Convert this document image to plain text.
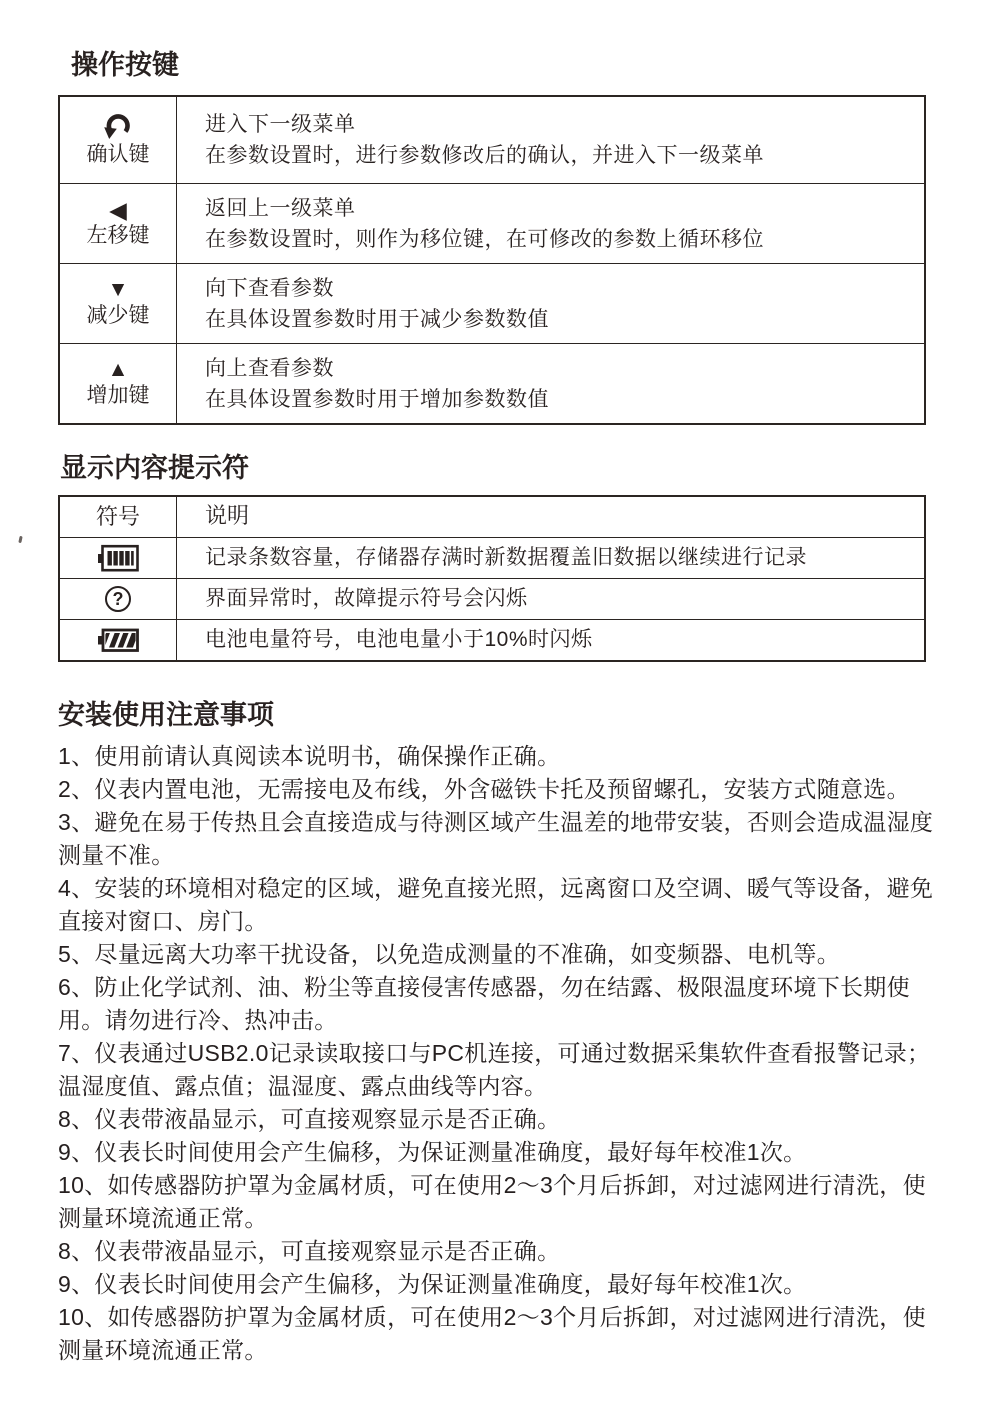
操作按键
确认键
进入下一级菜单
在参数设置时，进行参数修改后的确认，并进入下一级菜单
◀
左移键
返回上一级菜单
在参数设置时，则作为移位键，在可修改的参数上循环移位
▼
减少键
向下查看参数
在具体设置参数时用于减少参数数值
▲
增加键
向上查看参数
在具体设置参数时用于增加参数数值
显示内容提示符
符号	说明
记录条数容量，存储器存满时新数据覆盖旧数据以继续进行记录
?	界面异常时，故障提示符号会闪烁
电池电量符号，电池电量小于10%时闪烁
安装使用注意事项
1、使用前请认真阅读本说明书，确保操作正确。
2、仪表内置电池，无需接电及布线，外含磁铁卡托及预留螺孔，安装方式随意选。
3、避免在易于传热且会直接造成与待测区域产生温差的地带安装，否则会造成温湿度测量不准。
4、安装的环境相对稳定的区域，避免直接光照，远离窗口及空调、暖气等设备，避免直接对窗口、房门。
5、尽量远离大功率干扰设备，以免造成测量的不准确，如变频器、电机等。
6、防止化学试剂、油、粉尘等直接侵害传感器，勿在结露、极限温度环境下长期使用。请勿进行冷、热冲击。
7、仪表通过USB2.0记录读取接口与PC机连接，可通过数据采集软件查看报警记录；温湿度值、露点值；温湿度、露点曲线等内容。
8、仪表带液晶显示，可直接观察显示是否正确。
9、仪表长时间使用会产生偏移，为保证测量准确度，最好每年校准1次。
10、如传感器防护罩为金属材质，可在使用2～3个月后拆卸，对过滤网进行清洗，使测量环境流通正常。
8、仪表带液晶显示，可直接观察显示是否正确。
9、仪表长时间使用会产生偏移，为保证测量准确度，最好每年校准1次。
10、如传感器防护罩为金属材质，可在使用2～3个月后拆卸，对过滤网进行清洗，使测量环境流通正常。
